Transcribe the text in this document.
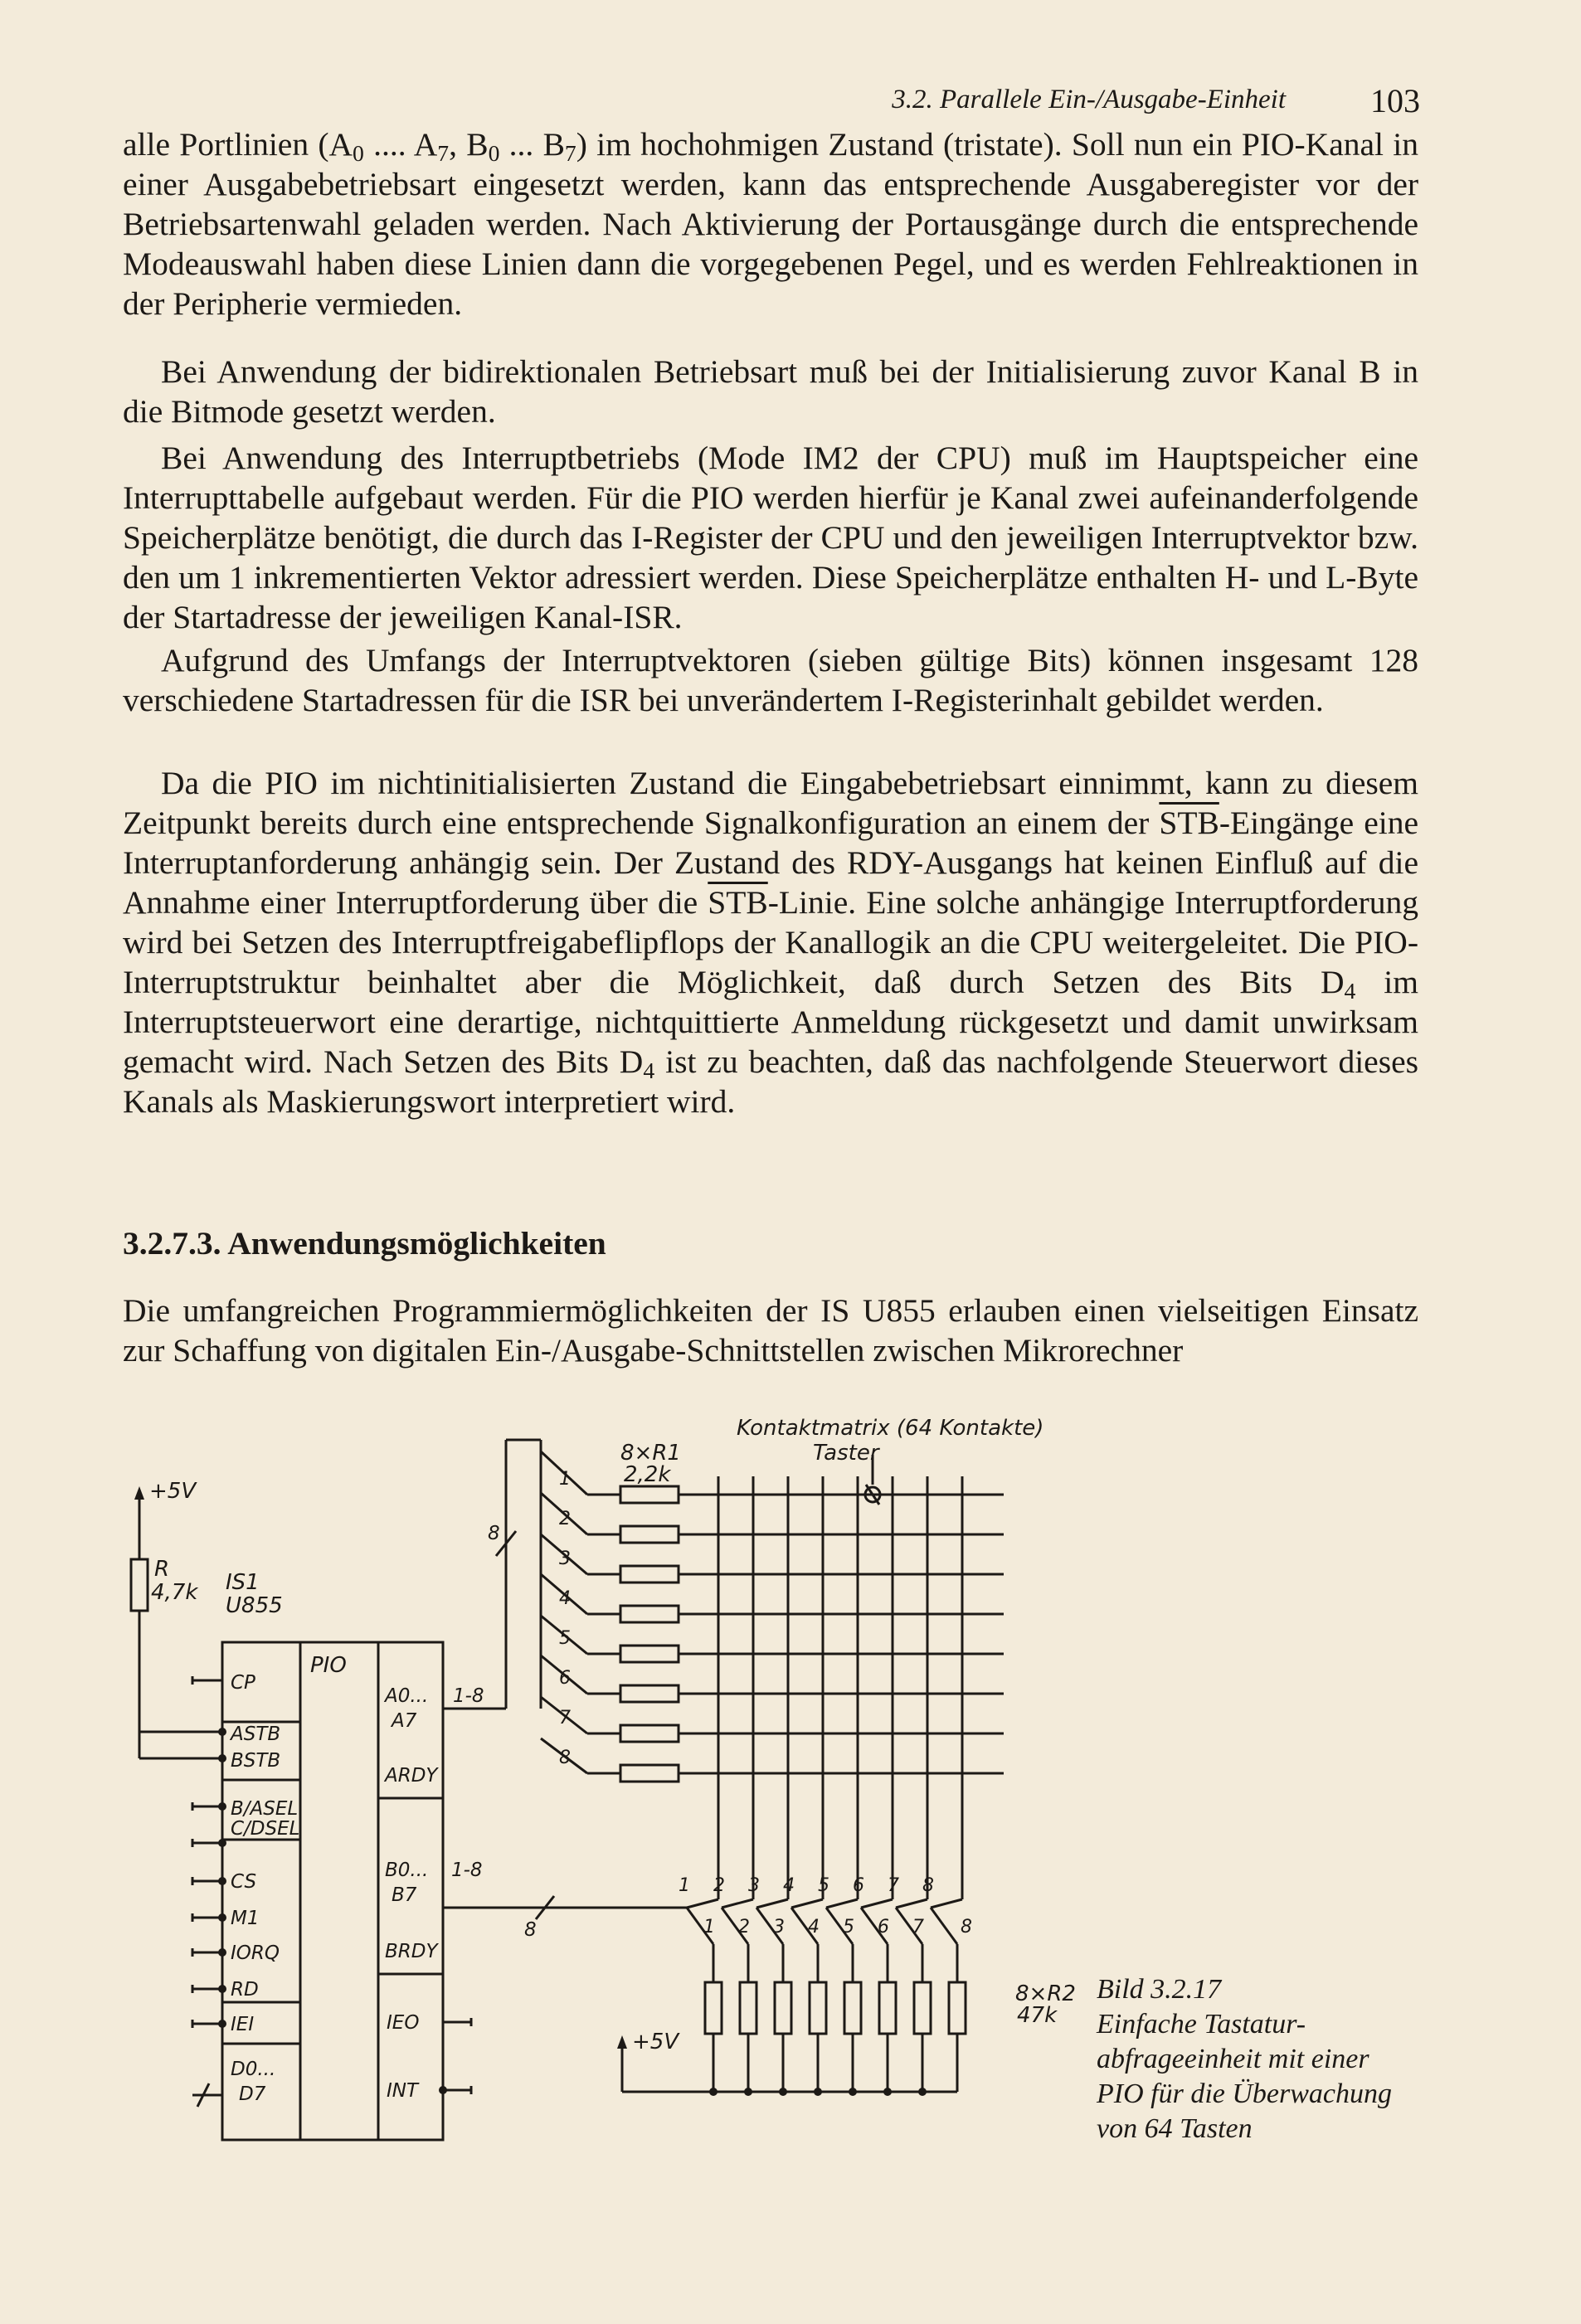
3.2. Parallele Ein-/Ausgabe-Einheit	103

alle Portlinien ($A_0$ .... $A_7$, $B_0$ ... $B_7$) im hochohmigen Zustand (tristate). Soll nun ein PIO-Kanal in einer Ausgabebetriebsart eingesetzt werden, kann das entsprechende Ausgaberegister vor der Betriebsartenwahl geladen werden. Nach Aktivierung der Portausgänge durch die entsprechende Modeauswahl haben diese Linien dann die vorgegebenen Pegel, und es werden Fehlreaktionen in der Peripherie vermieden.

Bei Anwendung der bidirektionalen Betriebsart muß bei der Initialisierung zuvor Kanal B in die Bitmode gesetzt werden.

Bei Anwendung des Interruptbetriebs (Mode IM2 der CPU) muß im Hauptspeicher eine Interrupttabelle aufgebaut werden. Für die PIO werden hierfür je Kanal zwei aufeinanderfolgende Speicherplätze benötigt, die durch das I-Register der CPU und den jeweiligen Interruptvektor bzw. den um 1 inkrementierten Vektor adressiert werden. Diese Speicherplätze enthalten H- und L-Byte der Startadresse der jeweiligen Kanal-ISR.

Aufgrund des Umfangs der Interruptvektoren (sieben gültige Bits) können insgesamt 128 verschiedene Startadressen für die ISR bei unverändertem I-Registerinhalt gebildet werden.

Da die PIO im nichtinitialisierten Zustand die Eingabebetriebsart einnimmt, kann zu diesem Zeitpunkt bereits durch eine entsprechende Signalkonfiguration an einem der $\overline{STB}$-Eingänge eine Interruptanforderung anhängig sein. Der Zustand des RDY-Ausgangs hat keinen Einfluß auf die Annahme einer Interruptforderung über die $\overline{STB}$-Linie. Eine solche anhängige Interruptforderung wird bei Setzen des Interruptfreigabeflipflops der Kanallogik an die CPU weitergeleitet. Die PIO-Interruptstruktur beinhaltet aber die Möglichkeit, daß durch Setzen des Bits $D_4$ im Interruptsteuerwort eine derartige, nichtquittierte Anmeldung rückgesetzt und damit unwirksam gemacht wird. Nach Setzen des Bits $D_4$ ist zu beachten, daß das nachfolgende Steuerwort dieses Kanals als Maskierungswort interpretiert wird.

3.2.7.3. Anwendungsmöglichkeiten

Die umfangreichen Programmiermöglichkeiten der IS U855 erlauben einen vielseitigen Einsatz zur Schaffung von digitalen Ein-/Ausgabe-Schnittstellen zwischen Mikrorechner

+5V
R
4,7k IS1
U855
PIO
CP
ASTB
BSTB
B/ASEL
C/DSEL
CS
M1
IORQ
RD
IEI
D0...
D7
A0...
A7
1-8
ARDY
B0...
B7
1-8
BRDY
IEO
INT
8
8
8×R1
2,2k
Kontaktmatrix (64 Kontakte)
Taster
8×R2
47k
+5V
1
2
3
4
5
6
7
8
1 2 3 4 5 6 7 8
1 2 3 4 5 6 7 8
Bild 3.2.17
Einfache Tastatur-
abfrageeinheit mit einer
PIO für die Überwachung
von 64 Tasten
